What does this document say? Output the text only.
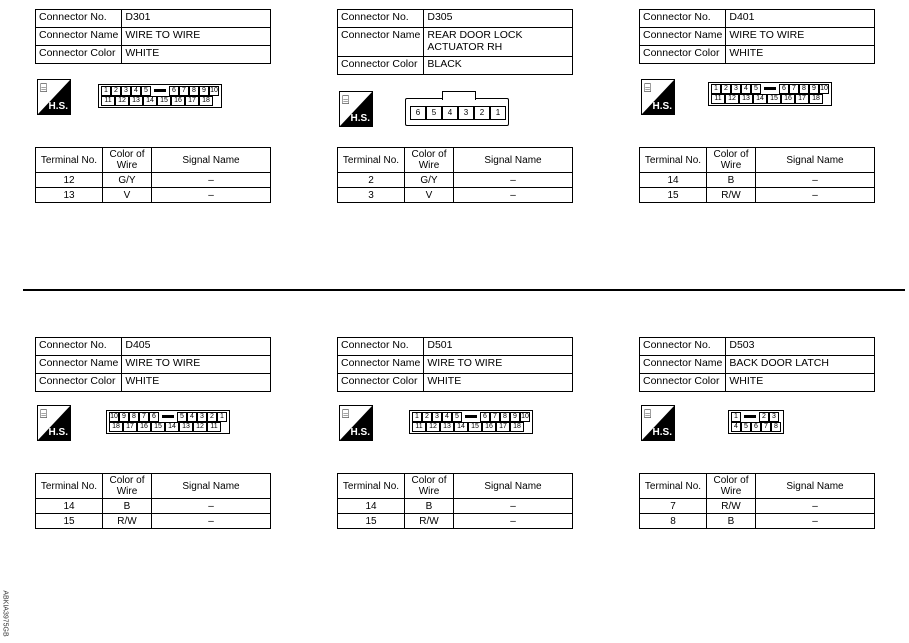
Connector No.	D301
Connector Name	WIRE TO WIRE
Connector Color	WHITE
⌸
H.S.
1 2 3 4 5	6 7 8 9 10
11 12 13 14 15 16 17 18
Terminal No.	Color of
Wire	Signal Name
12	G/Y	–
13	V	–
Connector No.	D305
Connector Name	REAR DOOR LOCK ACTUATOR RH
Connector Color	BLACK
⌸
H.S.
6	5	4	3	2	1
Terminal No.	Color of
Wire	Signal Name
2	G/Y	–
3	V	–
Connector No.	D401
Connector Name	WIRE TO WIRE
Connector Color	WHITE
⌸
H.S.
1 2 3 4 5	6 7 8 9 10
11 12 13 14 15 16 17 18
Terminal No.	Color of
Wire	Signal Name
14	B	–
15	R/W	–
Connector No.	D405
Connector Name	WIRE TO WIRE
Connector Color	WHITE
⌸
H.S.
10 9 8 7 6	5 4 3 2 1
18 17 16 15 14 13 12 11
Terminal No.	Color of
Wire	Signal Name
14	B	–
15	R/W	–
Connector No.	D501
Connector Name	WIRE TO WIRE
Connector Color	WHITE
⌸
H.S.
1 2 3 4 5	6 7 8 9 10
11 12 13 14 15 16 17 18
Terminal No.	Color of
Wire	Signal Name
14	B	–
15	R/W	–
Connector No.	D503
Connector Name	BACK DOOR LATCH
Connector Color	WHITE
⌸
H.S.
1	2 3
4 5 6 7 8
Terminal No.	Color of
Wire	Signal Name
7	R/W	–
8	B	–
ABKIA3975GB
